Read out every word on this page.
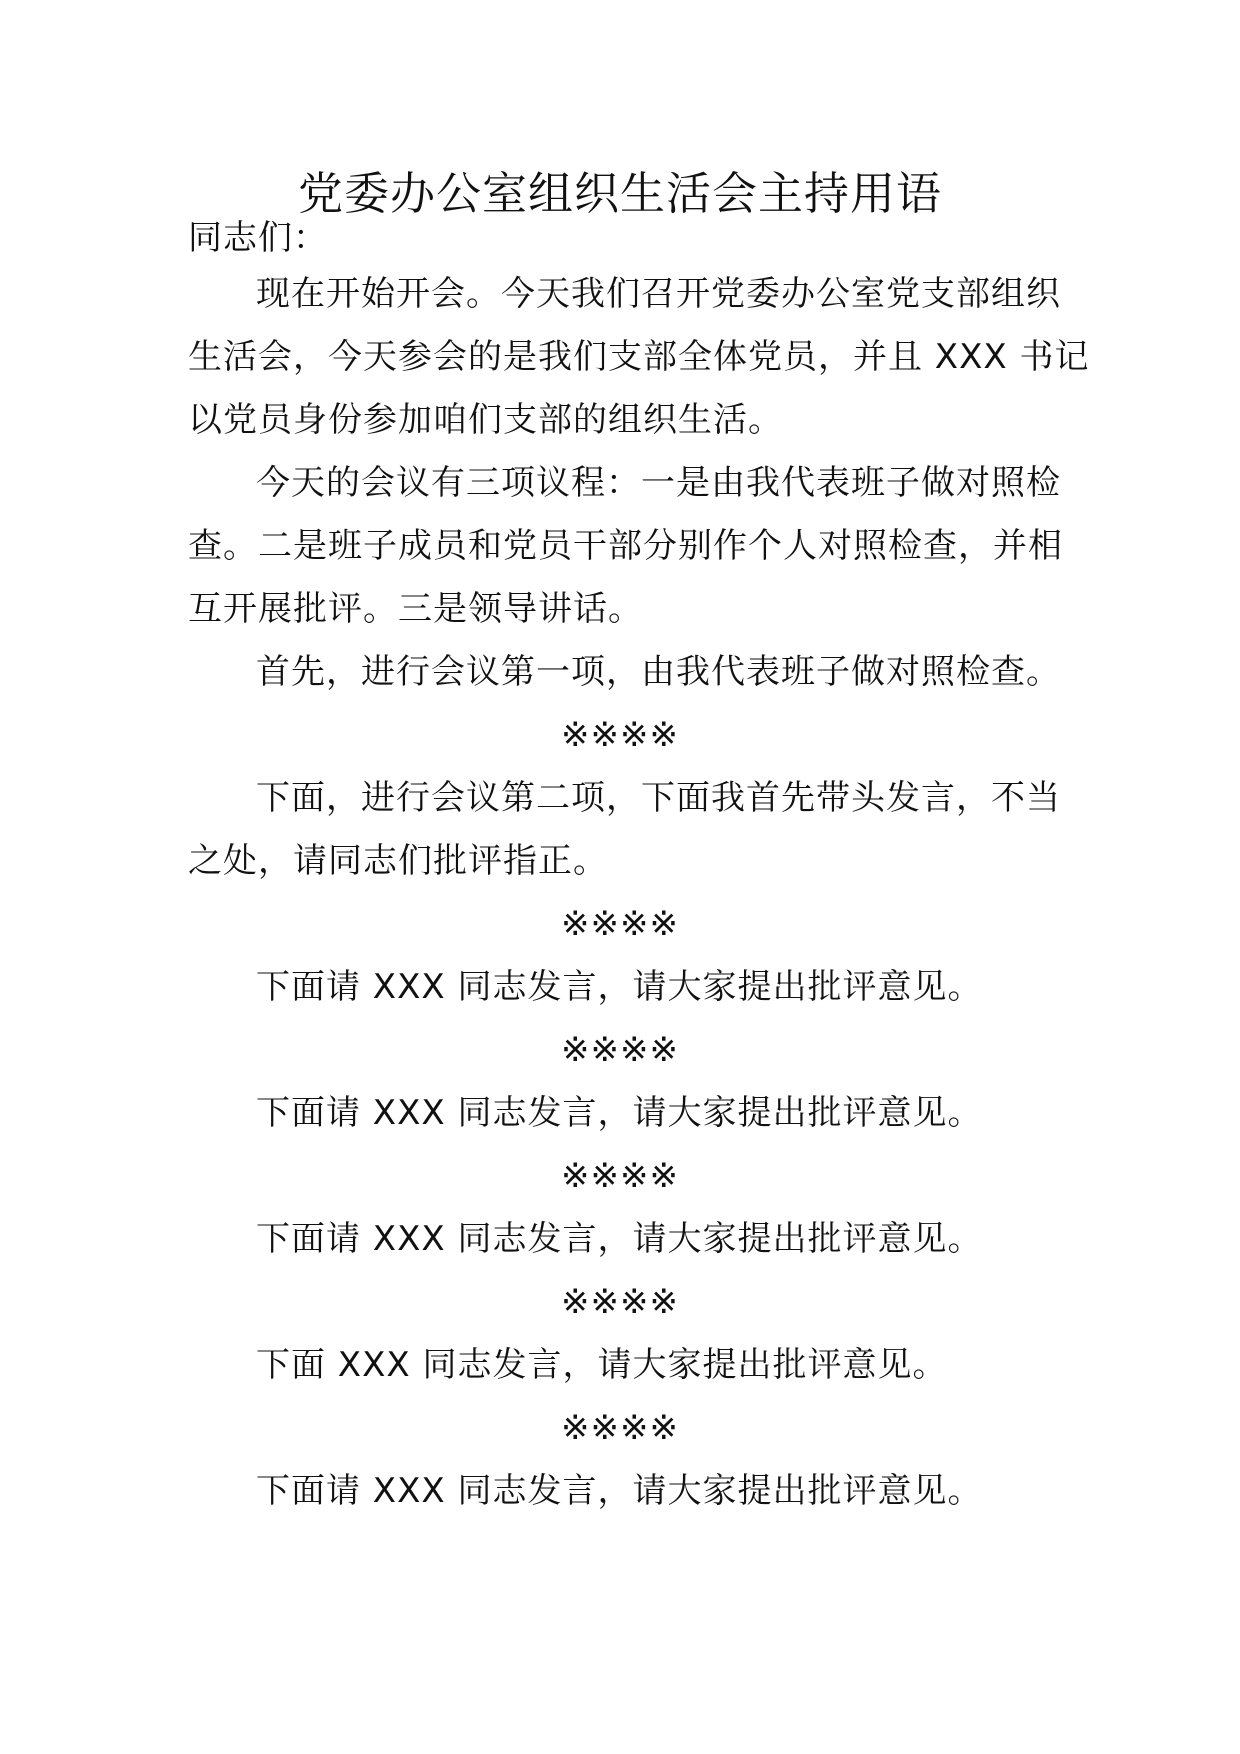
党委办公室组织生活会主持用语
同志们：
现在开始开会。今天我们召开党委办公室党支部组织
生活会，今天参会的是我们支部全体党员，并且 XXX 书记
以党员身份参加咱们支部的组织生活。
今天的会议有三项议程：一是由我代表班子做对照检
查。二是班子成员和党员干部分别作个人对照检查，并相
互开展批评。三是领导讲话。
首先，进行会议第一项，由我代表班子做对照检查。
※※※※
下面，进行会议第二项，下面我首先带头发言，不当
之处，请同志们批评指正。
※※※※
下面请 XXX 同志发言，请大家提出批评意见。
※※※※
下面请 XXX 同志发言，请大家提出批评意见。
※※※※
下面请 XXX 同志发言，请大家提出批评意见。
※※※※
下面 XXX 同志发言，请大家提出批评意见。
※※※※
下面请 XXX 同志发言，请大家提出批评意见。
